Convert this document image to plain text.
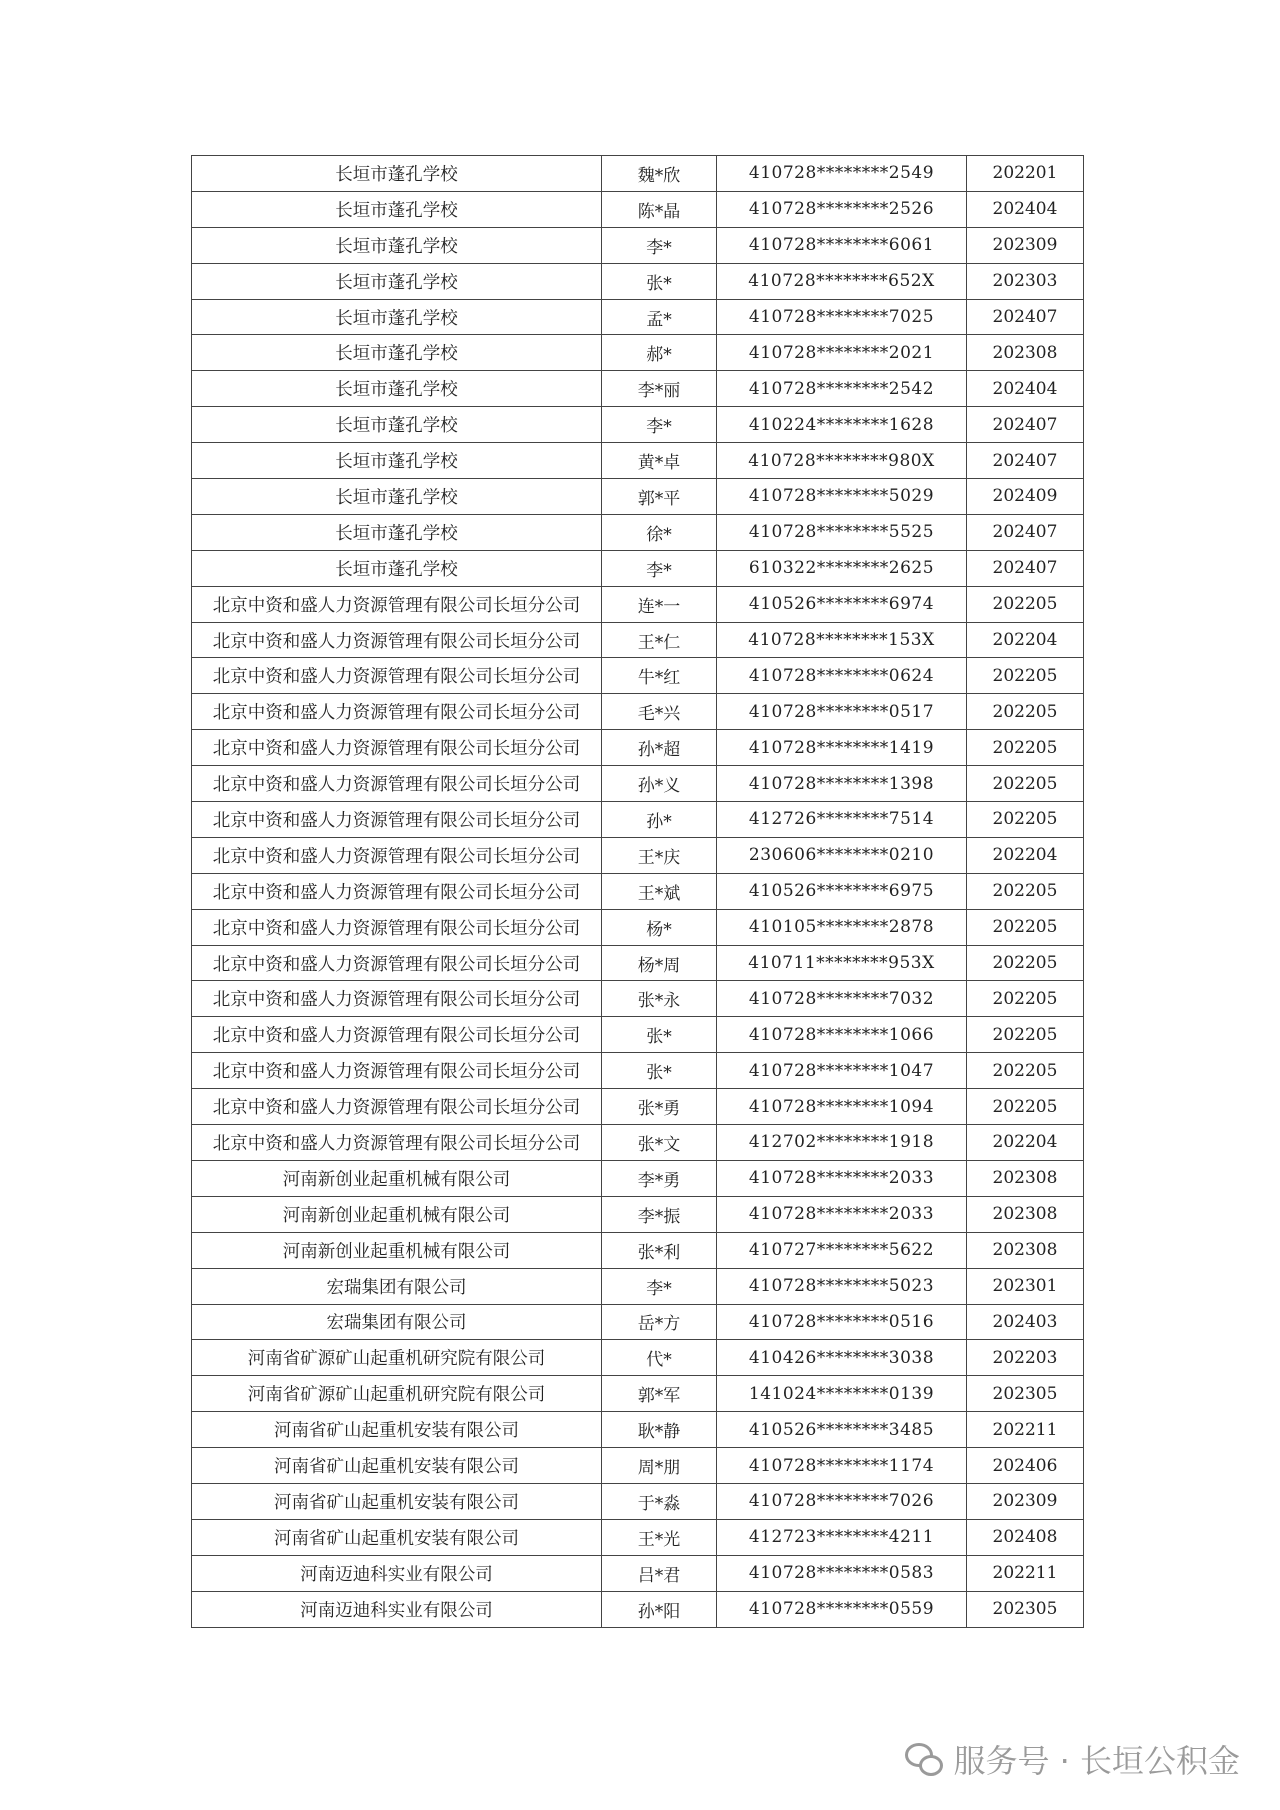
长垣市蓬孔学校	魏*欣	410728********2549	202201
长垣市蓬孔学校	陈*晶	410728********2526	202404
长垣市蓬孔学校	李*	410728********6061	202309
长垣市蓬孔学校	张*	410728********652X	202303
长垣市蓬孔学校	孟*	410728********7025	202407
长垣市蓬孔学校	郝*	410728********2021	202308
长垣市蓬孔学校	李*丽	410728********2542	202404
长垣市蓬孔学校	李*	410224********1628	202407
长垣市蓬孔学校	黄*卓	410728********980X	202407
长垣市蓬孔学校	郭*平	410728********5029	202409
长垣市蓬孔学校	徐*	410728********5525	202407
长垣市蓬孔学校	李*	610322********2625	202407
北京中资和盛人力资源管理有限公司长垣分公司	连*一	410526********6974	202205
北京中资和盛人力资源管理有限公司长垣分公司	王*仁	410728********153X	202204
北京中资和盛人力资源管理有限公司长垣分公司	牛*红	410728********0624	202205
北京中资和盛人力资源管理有限公司长垣分公司	毛*兴	410728********0517	202205
北京中资和盛人力资源管理有限公司长垣分公司	孙*超	410728********1419	202205
北京中资和盛人力资源管理有限公司长垣分公司	孙*义	410728********1398	202205
北京中资和盛人力资源管理有限公司长垣分公司	孙*	412726********7514	202205
北京中资和盛人力资源管理有限公司长垣分公司	王*庆	230606********0210	202204
北京中资和盛人力资源管理有限公司长垣分公司	王*斌	410526********6975	202205
北京中资和盛人力资源管理有限公司长垣分公司	杨*	410105********2878	202205
北京中资和盛人力资源管理有限公司长垣分公司	杨*周	410711********953X	202205
北京中资和盛人力资源管理有限公司长垣分公司	张*永	410728********7032	202205
北京中资和盛人力资源管理有限公司长垣分公司	张*	410728********1066	202205
北京中资和盛人力资源管理有限公司长垣分公司	张*	410728********1047	202205
北京中资和盛人力资源管理有限公司长垣分公司	张*勇	410728********1094	202205
北京中资和盛人力资源管理有限公司长垣分公司	张*文	412702********1918	202204
河南新创业起重机械有限公司	李*勇	410728********2033	202308
河南新创业起重机械有限公司	李*振	410728********2033	202308
河南新创业起重机械有限公司	张*利	410727********5622	202308
宏瑞集团有限公司	李*	410728********5023	202301
宏瑞集团有限公司	岳*方	410728********0516	202403
河南省矿源矿山起重机研究院有限公司	代*	410426********3038	202203
河南省矿源矿山起重机研究院有限公司	郭*军	141024********0139	202305
河南省矿山起重机安装有限公司	耿*静	410526********3485	202211
河南省矿山起重机安装有限公司	周*朋	410728********1174	202406
河南省矿山起重机安装有限公司	于*淼	410728********7026	202309
河南省矿山起重机安装有限公司	王*光	412723********4211	202408
河南迈迪科实业有限公司	吕*君	410728********0583	202211
河南迈迪科实业有限公司	孙*阳	410728********0559	202305
服务号 · 长垣公积金
